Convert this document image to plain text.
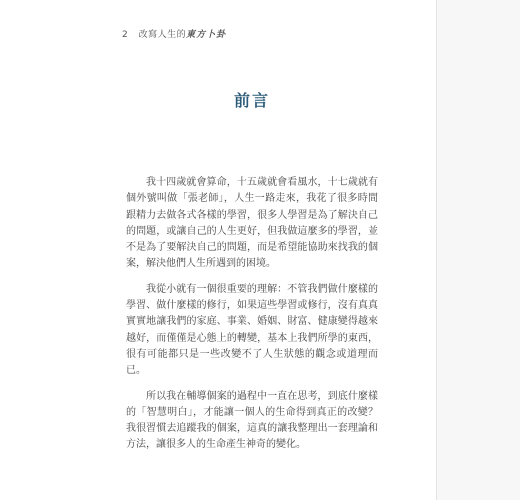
2 改寫人生的東方卜卦
前言

我十四歲就會算命，十五歲就會看風水，十七歲就有個外號叫做「張老師」，人生一路走來，我花了很多時間跟精力去做各式各樣的學習，很多人學習是為了解決自己的問題，或讓自己的人生更好，但我做這麼多的學習，並不是為了要解決自己的問題，而是希望能協助來找我的個案，解決他們人生所遇到的困境。

我從小就有一個很重要的理解：不管我們做什麼樣的學習、做什麼樣的修行，如果這些學習或修行，沒有真真實實地讓我們的家庭、事業、婚姻、財富、健康變得越來越好，而僅僅是心態上的轉變，基本上我們所學的東西，很有可能都只是一些改變不了人生狀態的觀念或道理而已。

所以我在輔導個案的過程中一直在思考，到底什麼樣的「智慧明白」，才能讓一個人的生命得到真正的改變？我很習慣去追蹤我的個案，這真的讓我整理出一套理論和方法，讓很多人的生命產生神奇的變化。
